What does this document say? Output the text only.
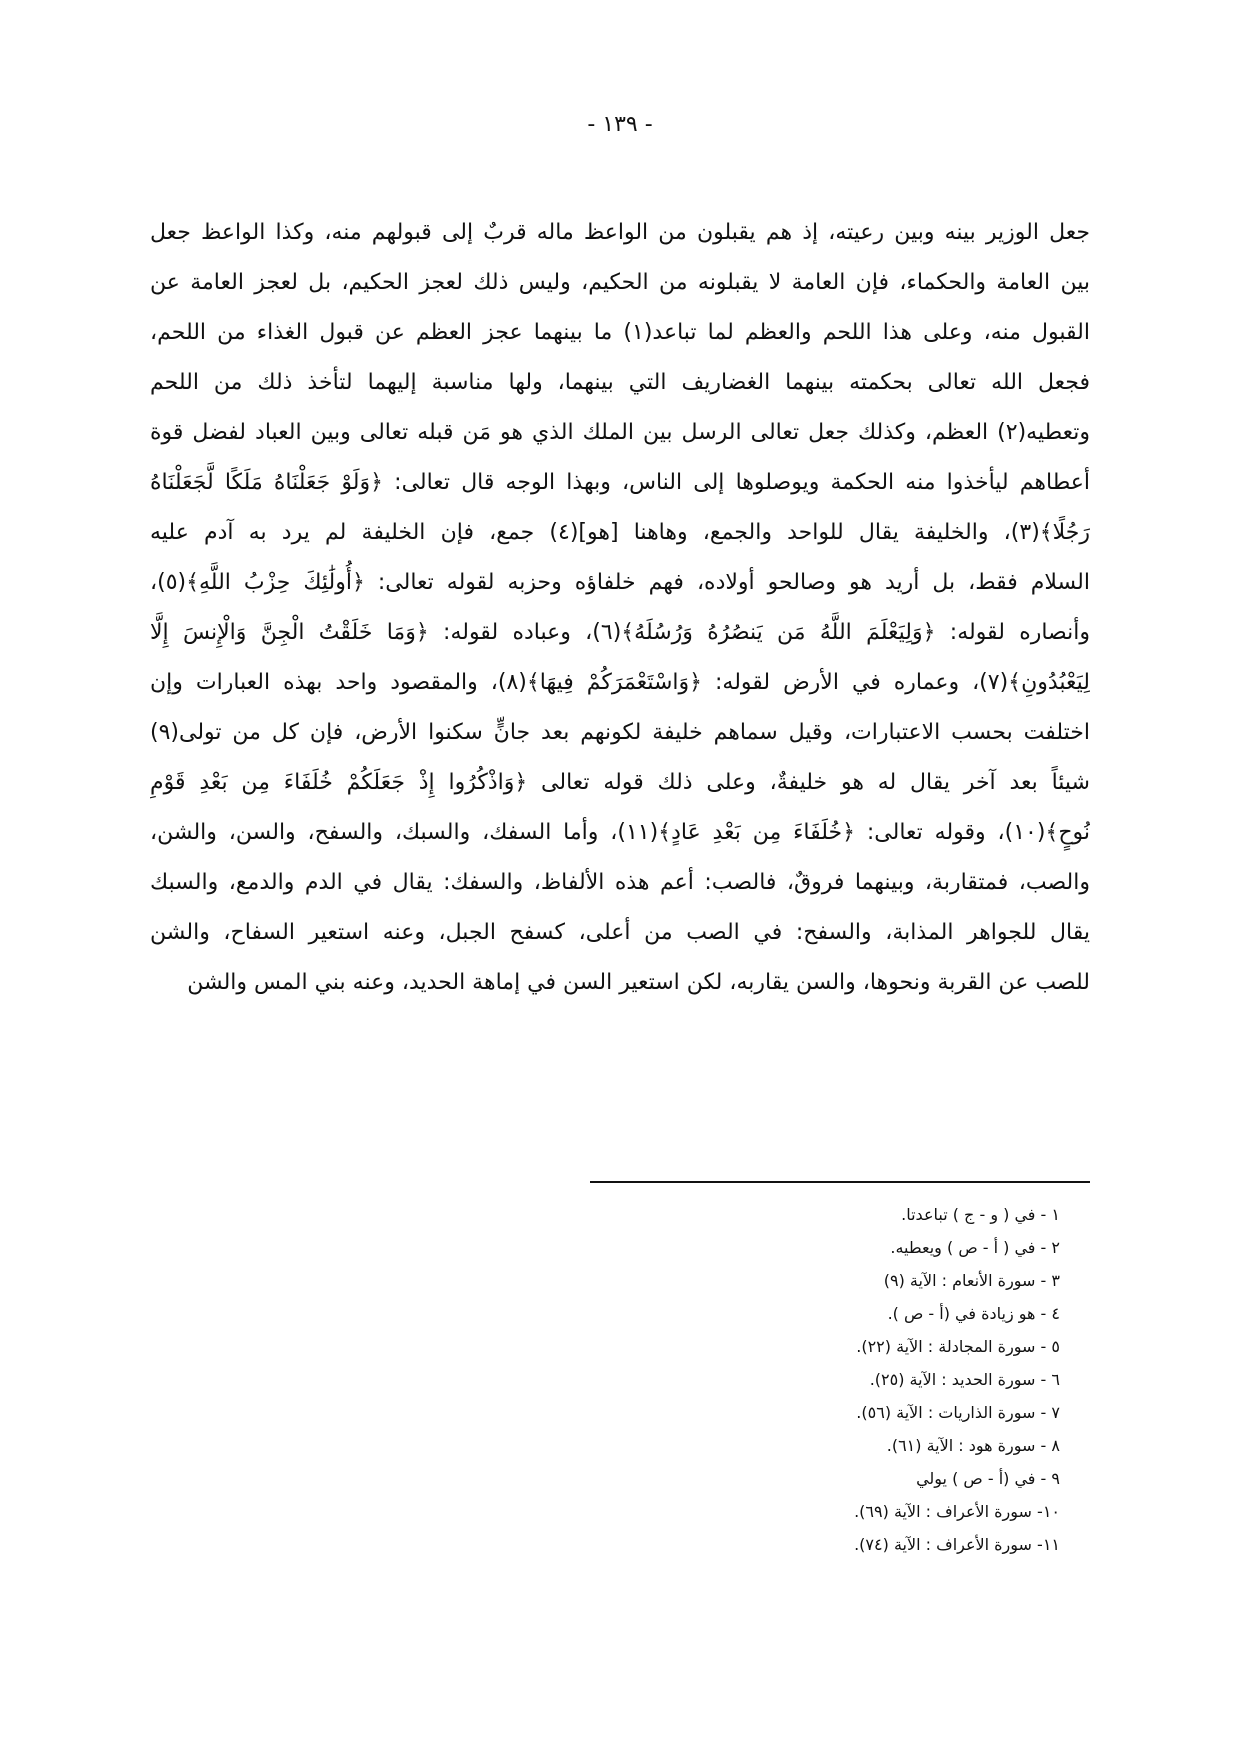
- ١٣٩ -
جعل الوزير بينه وبين رعيته، إذ هم يقبلون من الواعظ ماله قربٌ إلى قبولهم منه، وكذا الواعظ جعل
بين العامة والحكماء، فإن العامة لا يقبلونه من الحكيم، وليس ذلك لعجز الحكيم، بل لعجز العامة عن
القبول منه، وعلى هذا اللحم والعظم لما تباعد(١) ما بينهما عجز العظم عن قبول الغذاء من اللحم،
فجعل الله تعالى بحكمته بينهما الغضاريف التي بينهما، ولها مناسبة إليهما لتأخذ ذلك من اللحم
وتعطيه(٢) العظم، وكذلك جعل تعالى الرسل بين الملك الذي هو مَن قبله تعالى وبين العباد لفضل قوة
أعطاهم ليأخذوا منه الحكمة ويوصلوها إلى الناس، وبهذا الوجه قال تعالى: ﴿وَلَوْ جَعَلْنَاهُ مَلَكًا لَّجَعَلْنَاهُ
رَجُلًا﴾(٣)، والخليفة يقال للواحد والجمع، وهاهنا [هو](٤) جمع، فإن الخليفة لم يرد به آدم عليه
السلام فقط، بل أريد هو وصالحو أولاده، فهم خلفاؤه وحزبه لقوله تعالى: ﴿أُولَٰئِكَ حِزْبُ اللَّهِ﴾(٥)،
وأنصاره لقوله: ﴿وَلِيَعْلَمَ اللَّهُ مَن يَنصُرُهُ وَرُسُلَهُ﴾(٦)، وعباده لقوله: ﴿وَمَا خَلَقْتُ الْجِنَّ وَالْإِنسَ إِلَّا
لِيَعْبُدُونِ﴾(٧)، وعماره في الأرض لقوله: ﴿وَاسْتَعْمَرَكُمْ فِيهَا﴾(٨)، والمقصود واحد بهذه العبارات وإن
اختلفت بحسب الاعتبارات، وقيل سماهم خليفة لكونهم بعد جانٍّ سكنوا الأرض، فإن كل من تولى(٩)
شيئاً بعد آخر يقال له هو خليفةٌ، وعلى ذلك قوله تعالى ﴿وَاذْكُرُوا إِذْ جَعَلَكُمْ خُلَفَاءَ مِن بَعْدِ قَوْمِ
نُوحٍ﴾(١٠)، وقوله تعالى: ﴿خُلَفَاءَ مِن بَعْدِ عَادٍ﴾(١١)، وأما السفك، والسبك، والسفح، والسن، والشن،
والصب، فمتقاربة، وبينهما فروقٌ، فالصب: أعم هذه الألفاظ، والسفك: يقال في الدم والدمع، والسبك
يقال للجواهر المذابة، والسفح: في الصب من أعلى، كسفح الجبل، وعنه استعير السفاح، والشن
للصب عن القربة ونحوها، والسن يقاربه، لكن استعير السن في إماهة الحديد، وعنه بني المس والشن
١ - في ( و - ج ) تباعدتا.
٢ - في ( أ - ص ) ويعطيه.
٣ - سورة الأنعام : الآية (٩)
٤ - هو زيادة في (أ - ص ).
٥ - سورة المجادلة : الآية (٢٢).
٦ - سورة الحديد : الآية (٢٥).
٧ - سورة الذاريات : الآية (٥٦).
٨ - سورة هود : الآية (٦١).
٩ - في (أ - ص ) يولي
١٠- سورة الأعراف : الآية (٦٩).
١١- سورة الأعراف : الآية (٧٤).
